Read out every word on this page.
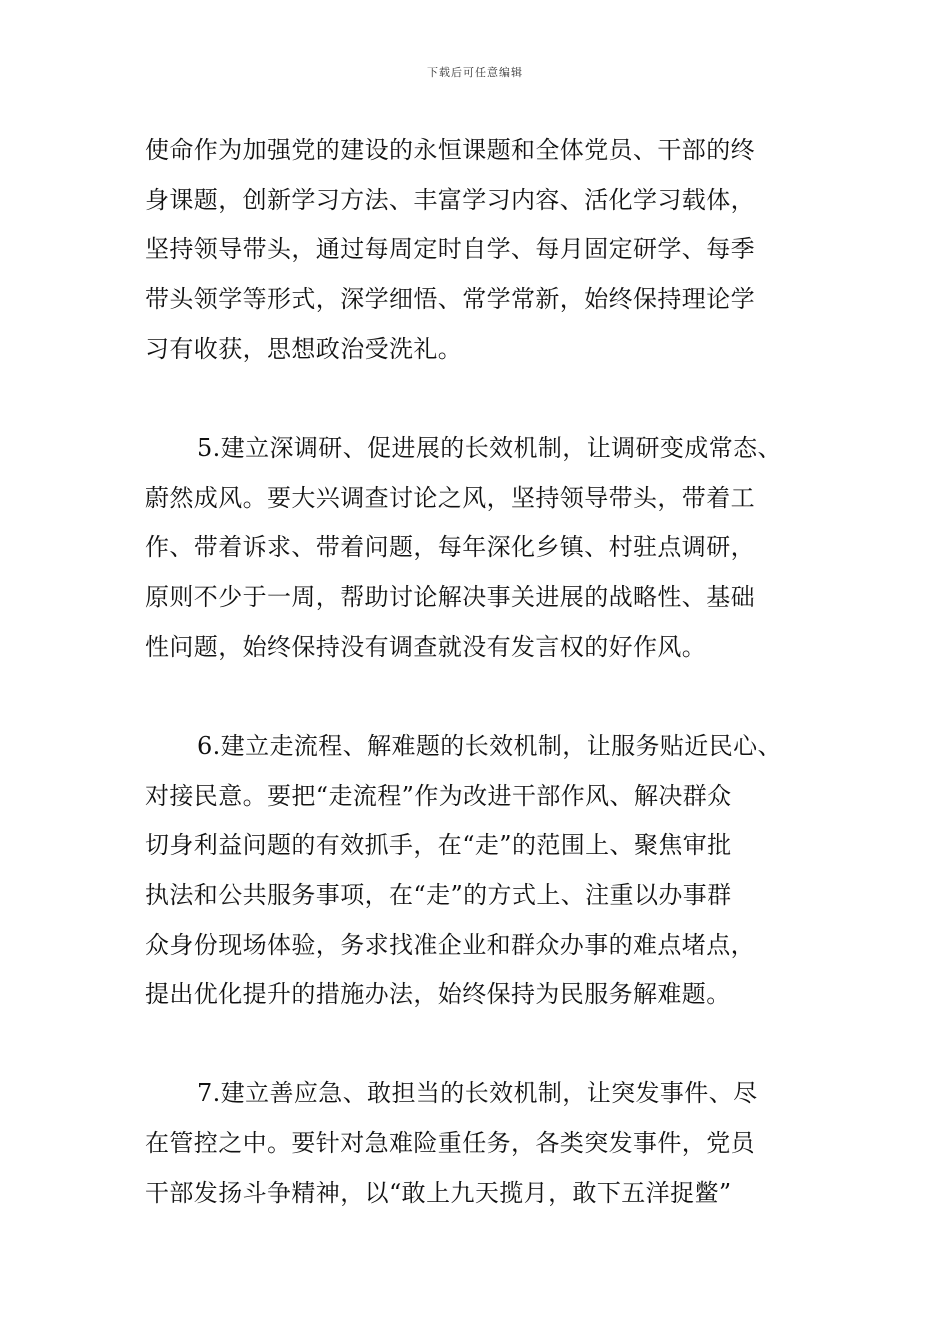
下载后可任意编辑
使命作为加强党的建设的永恒课题和全体党员、干部的终
身课题，创新学习方法、丰富学习内容、活化学习载体，
坚持领导带头，通过每周定时自学、每月固定研学、每季
带头领学等形式，深学细悟、常学常新，始终保持理论学
习有收获，思想政治受洗礼。
5.建立深调研、促进展的长效机制，让调研变成常态、
蔚然成风。要大兴调查讨论之风，坚持领导带头，带着工
作、带着诉求、带着问题，每年深化乡镇、村驻点调研，
原则不少于一周，帮助讨论解决事关进展的战略性、基础
性问题，始终保持没有调查就没有发言权的好作风。
6.建立走流程、解难题的长效机制，让服务贴近民心、
对接民意。要把“走流程”作为改进干部作风、解决群众
切身利益问题的有效抓手，在“走”的范围上、聚焦审批
执法和公共服务事项，在“走”的方式上、注重以办事群
众身份现场体验，务求找准企业和群众办事的难点堵点，
提出优化提升的措施办法，始终保持为民服务解难题。
7.建立善应急、敢担当的长效机制，让突发事件、尽
在管控之中。要针对急难险重任务，各类突发事件，党员
干部发扬斗争精神，以“敢上九天揽月，敢下五洋捉鳖”
